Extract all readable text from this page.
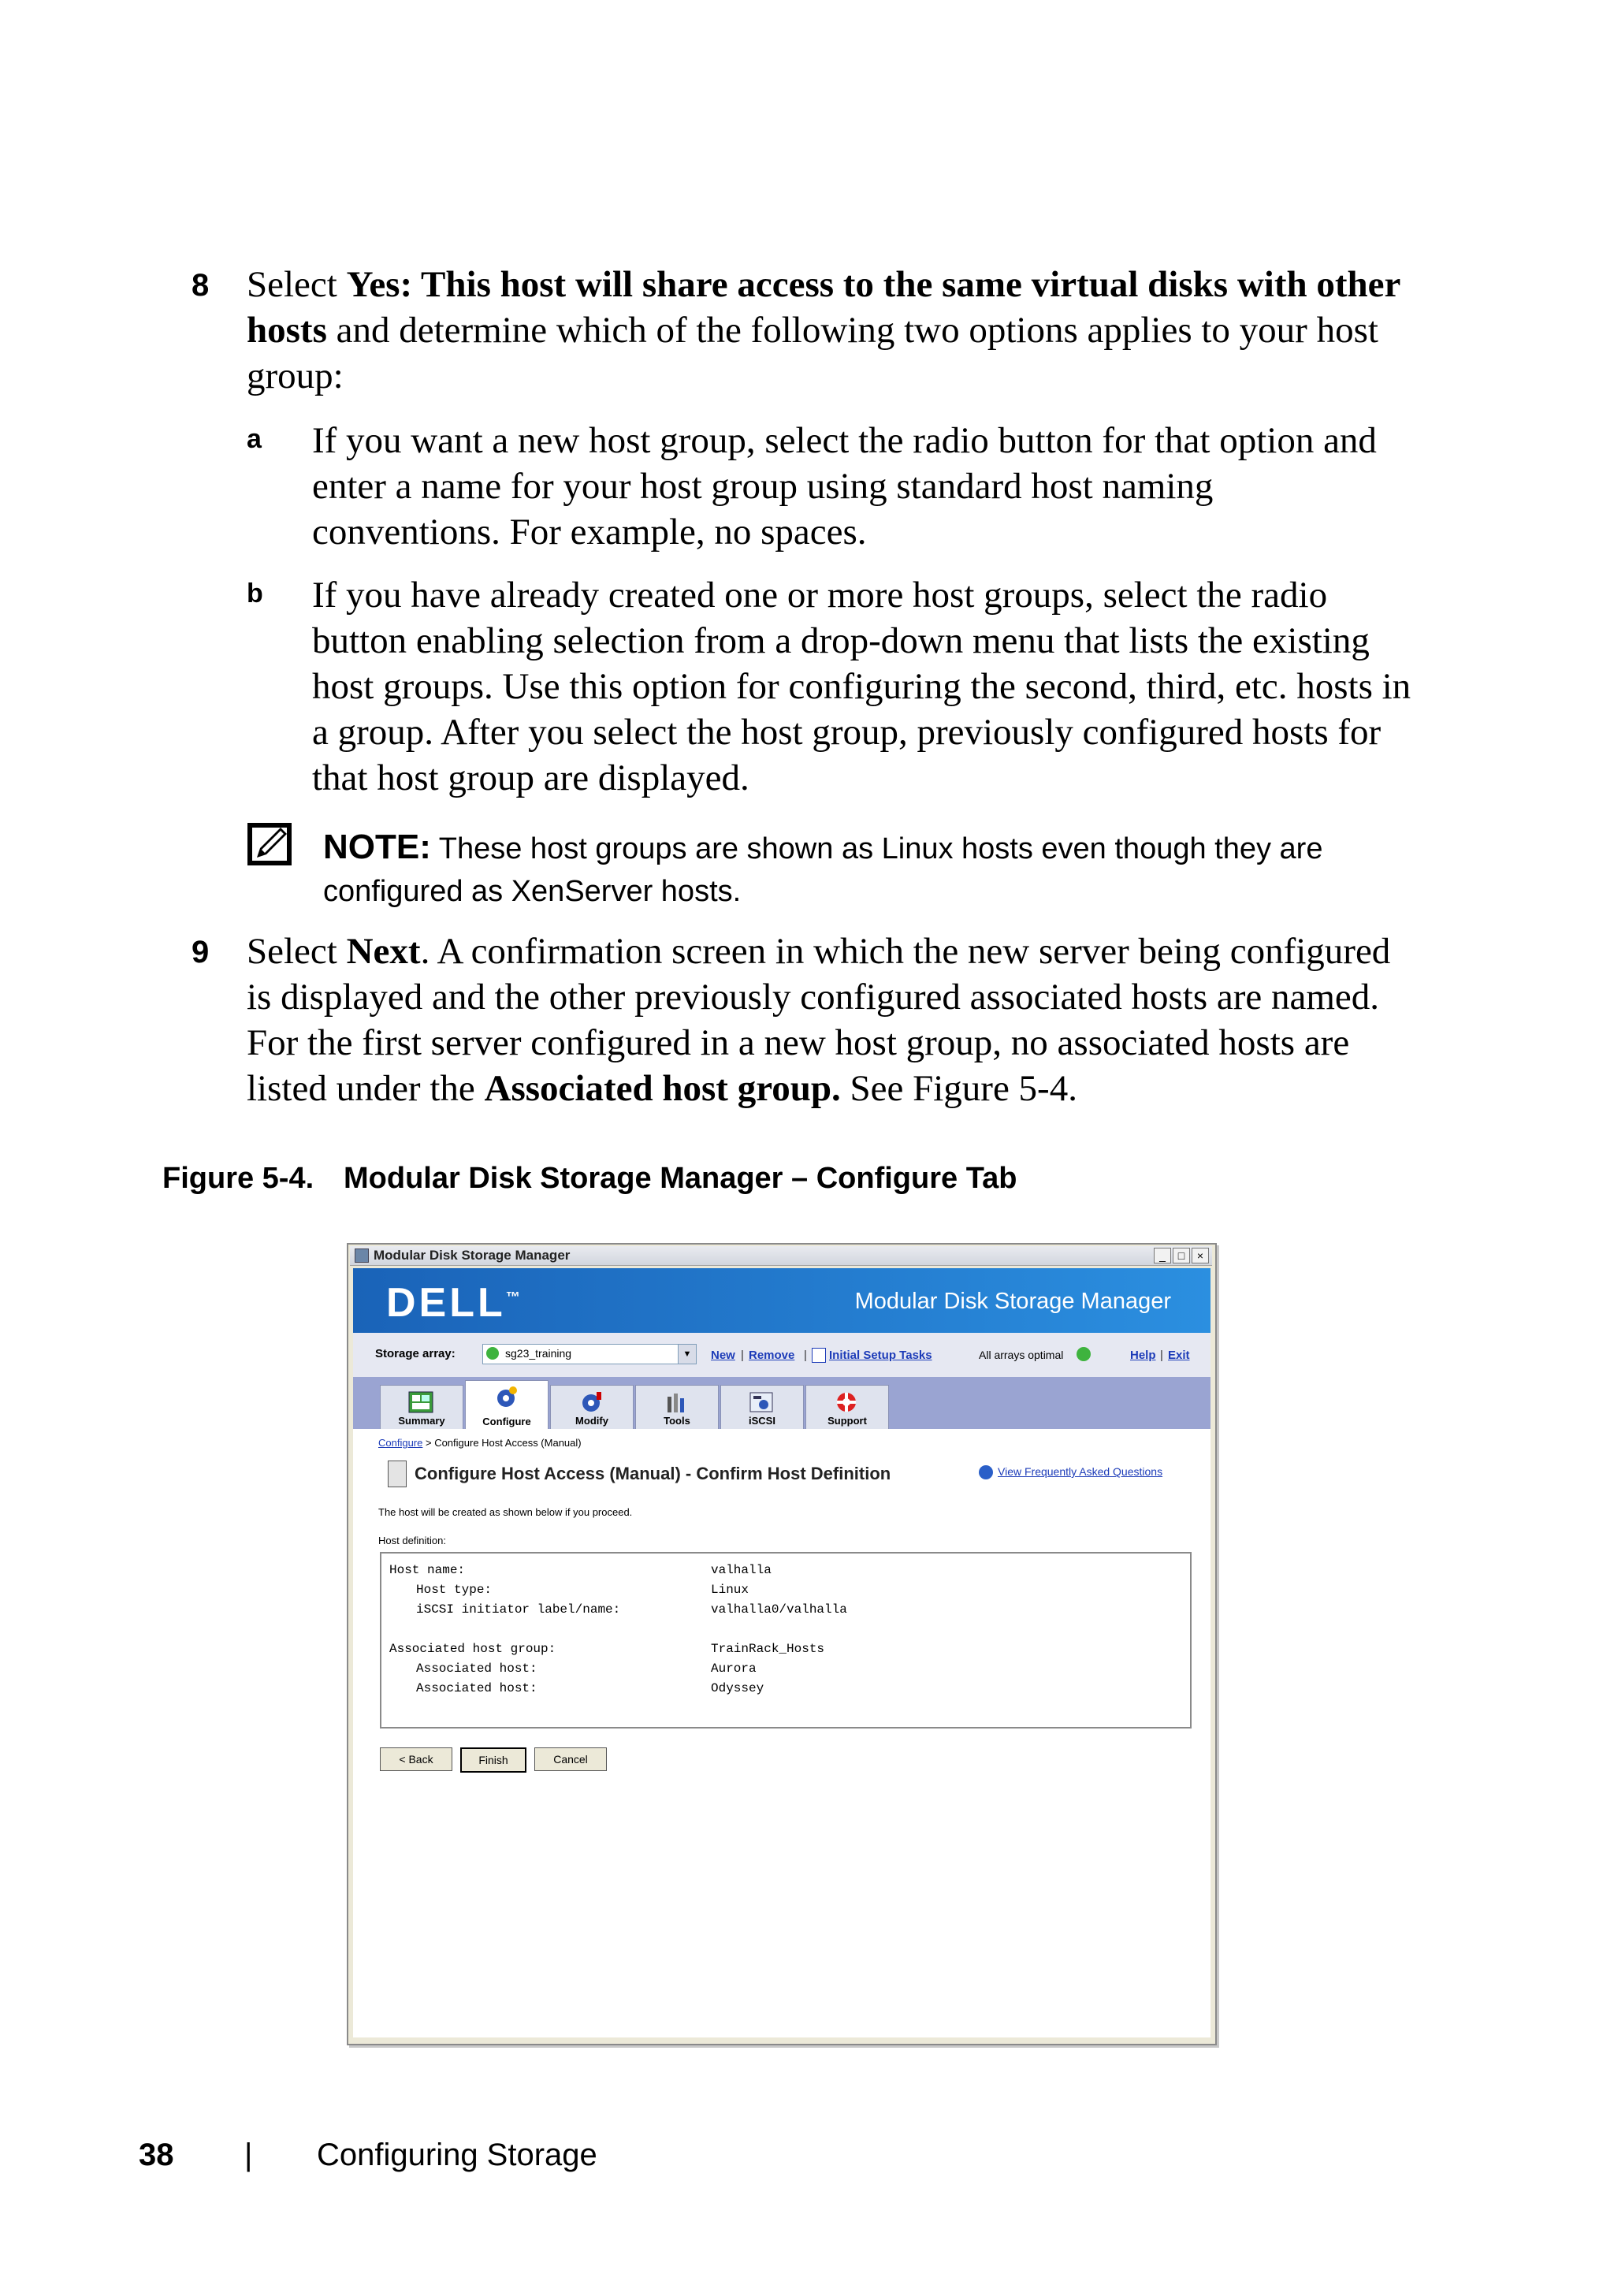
8 Select Yes: This host will share access to the same virtual disks with other hosts and determine which of the following two options applies to your host group:
a If you want a new host group, select the radio button for that option and enter a name for your host group using standard host naming conventions. For example, no spaces.
b If you have already created one or more host groups, select the radio button enabling selection from a drop-down menu that lists the existing host groups. Use this option for configuring the second, third, etc. hosts in a group. After you select the host group, previously configured hosts for that host group are displayed.
NOTE: These host groups are shown as Linux hosts even though they are configured as XenServer hosts.
9 Select Next. A confirmation screen in which the new server being configured is displayed and the other previously configured associated hosts are named. For the first server configured in a new host group, no associated hosts are listed under the Associated host group. See Figure 5-4.
Figure 5-4. Modular Disk Storage Manager – Configure Tab
Modular Disk Storage Manager	_	□	×
DELL™	Modular Disk Storage Manager
Storage array:	sg23_training	▼	New | Remove | Initial Setup Tasks	All arrays optimal	Help | Exit
Summary	Configure	Modify	Tools	iSCSI	Support
Configure > Configure Host Access (Manual)
Configure Host Access (Manual) - Confirm Host Definition	View Frequently Asked Questions
The host will be created as shown below if you proceed.
Host definition:
Host name:	valhalla
Host type:	Linux
iSCSI initiator label/name:	valhalla0/valhalla
Associated host group:	TrainRack_Hosts
Associated host:	Aurora
Associated host:	Odyssey
< Back	Finish	Cancel
38 | Configuring Storage
